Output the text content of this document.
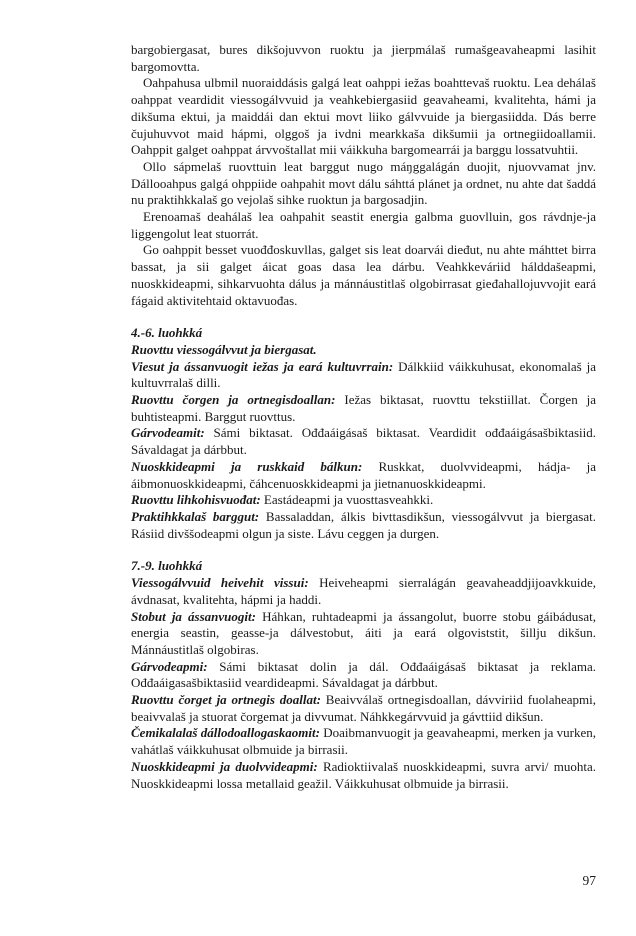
bargobiergasat, bures dikšojuvvon ruoktu ja jierpmálaš rumašgeavaheapmi lasihit bargomovtta.

Oahpahusa ulbmil nuoraiddásis galgá leat oahppi iežas boahttevaš ruoktu. Lea dehálaš oahppat veardidit viessogálvvuid ja veahkebiergasiid geavaheami, kvalitehta, hámi ja dikšuma ektui, ja maiddái dan ektui movt liiko gálvvuide ja biergasiidda. Dás berre čujuhuvvot maid hápmi, olggoš ja ivdni mearkkaša dikšumii ja ortnegiidoallamii. Oahppit galget oahppat árvvoštallat mii váikkuha bargomearrái ja barggu lossatvuhtii.

Ollo sápmelaš ruovttuin leat barggut nugo máŋggalágán duojit, njuovvamat jnv. Dállooahpus galgá ohppiide oahpahit movt dálu sáhttá plánet ja ordnet, nu ahte dat šaddá nu praktihkkalaš go vejolaš sihke ruoktun ja bargosadjin.

Erenoamaš deahálaš lea oahpahit seastit energia galbma guovlluin, gos rávdnje-ja liggengolut leat stuorrát.

Go oahppit besset vuođđoskuvllas, galget sis leat doarvái dieđut, nu ahte máhttet birra bassat, ja sii galget áicat goas dasa lea dárbu. Veahkkeváriid hálddašeapmi, nuoskkideapmi, sihkarvuohta dálus ja mánnáustitlaš olgobirrasat gieđahallojuvvojit eará fágaid aktivitehtaid oktavuođas.

4.-6. luohkká
Ruovttu viessogálvvut ja biergasat.

Viesut ja ássanvuogit iežas ja eará kultuvrrain: Dálkkiid váikkuhusat, ekonomalaš ja kultuvrralaš dilli.

Ruovttu čorgen ja ortnegisdoallan: Iežas biktasat, ruovttu tekstiillat. Čorgen ja buhtisteapmi. Barggut ruovttus.

Gárvodeamit: Sámi biktasat. Ođđaáigásaš biktasat. Veardidit ođđaáigásašbiktasiid. Sávaldagat ja dárbbut.

Nuoskkideapmi ja ruskkaid bálkun: Ruskkat, duolvvideapmi, hádja- ja áibmonuoskkideapmi, čáhcenuoskkideapmi ja jietnanuoskkideapmi.

Ruovttu lihkohisvuođat: Eastádeapmi ja vuosttasveahkki.

Praktihkkalaš barggut: Bassaladdan, álkis bivttasdikšun, viessogálvvut ja biergasat. Rásiid divššodeapmi olgun ja siste. Lávu ceggen ja durgen.

7.-9. luohkká

Viessogálvvuid heivehit vissui: Heiveheapmi sierralágán geavaheaddjijoavkkuide, ávdnasat, kvalitehta, hápmi ja haddi.

Stobut ja ássanvuogit: Háhkan, ruhtadeapmi ja ássangolut, buorre stobu gáibádusat, energia seastin, geasse-ja dálvestobut, áiti ja eará olgoviststit, šillju dikšun. Mánnáustitlaš olgobiras.

Gárvodeapmi: Sámi biktasat dolin ja dál. Ođđaáigásaš biktasat ja reklama. Ođđaáigasašbiktasiid veardideapmi. Sávaldagat ja dárbbut.

Ruovttu čorget ja ortnegis doallat: Beaivválaš ortnegisdoallan, dávviriid fuolaheapmi, beaivvalaš ja stuorat čorgemat ja divvumat. Náhkkegárvvuid ja gávttiid dikšun.

Čemikalalaš dállodoallogaskaomit: Doaibmanvuogit ja geavaheapmi, merken ja vurken, vahátlaš váikkuhusat olbmuide ja birrasii.

Nuoskkideapmi ja duolvvideapmi: Radioktiivalaš nuoskkideapmi, suvra arvi/ muohta. Nuoskkideapmi lossa metallaid geažil. Váikkuhusat olbmuide ja birrasii.

97
